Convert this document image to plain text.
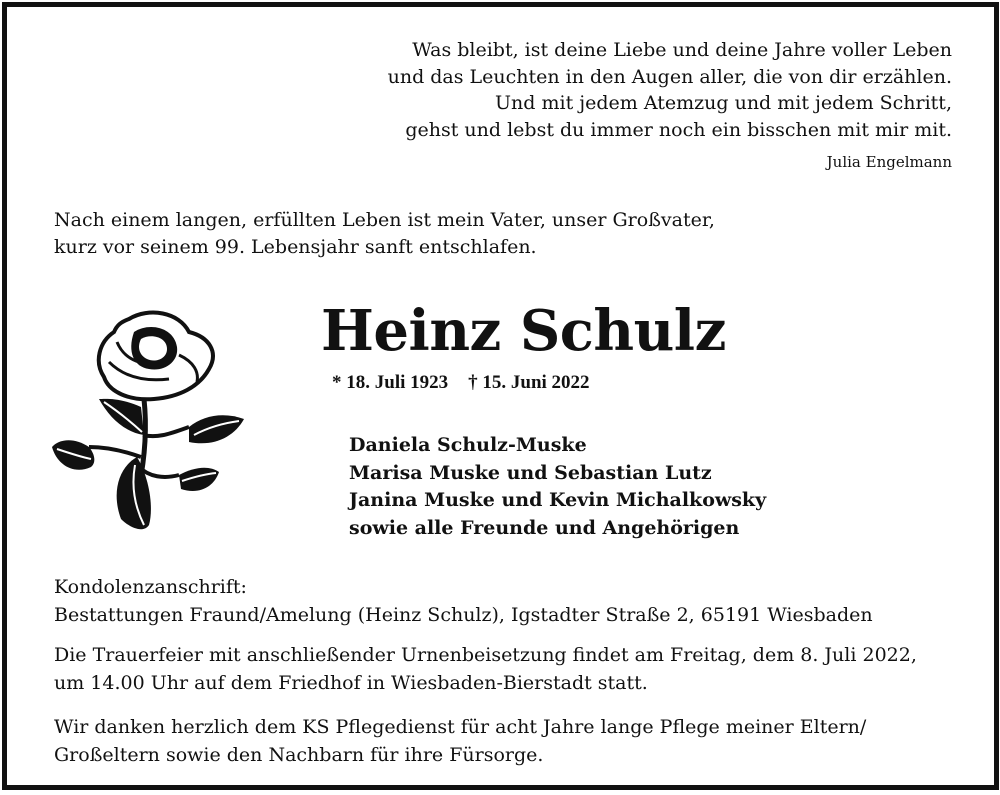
Was bleibt, ist deine Liebe und deine Jahre voller Leben
und das Leuchten in den Augen aller, die von dir erzählen.
Und mit jedem Atemzug und mit jedem Schritt,
gehst und lebst du immer noch ein bisschen mit mir mit.
Julia Engelmann
Nach einem langen, erfüllten Leben ist mein Vater, unser Großvater,
kurz vor seinem 99. Lebensjahr sanft entschlafen.
Heinz Schulz
* 18. Juli 1923 † 15. Juni 2022
Daniela Schulz-Muske
Marisa Muske und Sebastian Lutz
Janina Muske und Kevin Michalkowsky
sowie alle Freunde und Angehörigen
Kondolenzanschrift:
Bestattungen Fraund/Amelung (Heinz Schulz), Igstadter Straße 2, 65191 Wiesbaden
Die Trauerfeier mit anschließender Urnenbeisetzung findet am Freitag, dem 8. Juli 2022,
um 14.00 Uhr auf dem Friedhof in Wiesbaden-Bierstadt statt.
Wir danken herzlich dem KS Pflegedienst für acht Jahre lange Pflege meiner Eltern/
Großeltern sowie den Nachbarn für ihre Fürsorge.
